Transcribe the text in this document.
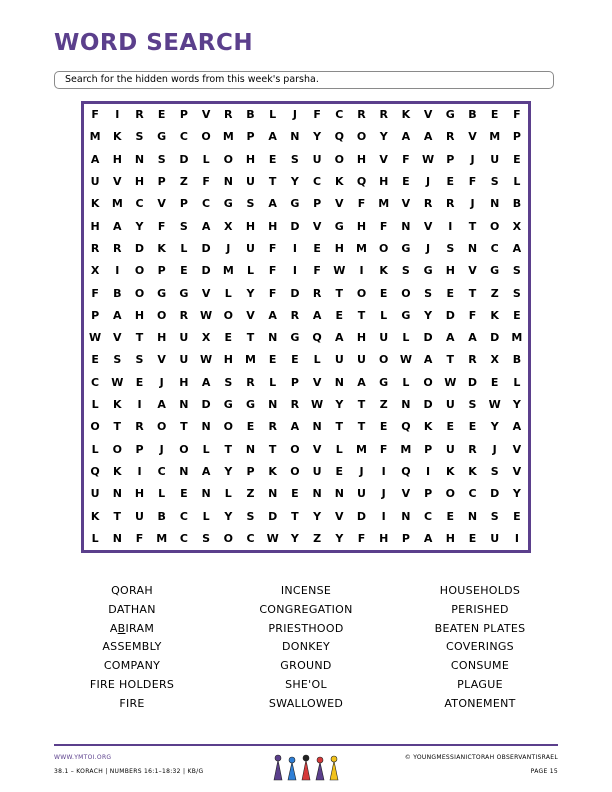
WORD SEARCH
Search for the hidden words from this week's parsha.
F	I	R	E	P	V	R	B	L	J	F	C	R	R	K	V	G	B	E	F
M	K	S	G	C	O	M	P	A	N	Y	Q	O	Y	A	A	R	V	M	P
A	H	N	S	D	L	O	H	E	S	U	O	H	V	F	W	P	J	U	E
U	V	H	P	Z	F	N	U	T	Y	C	K	Q	H	E	J	E	F	S	L
K	M	C	V	P	C	G	S	A	G	P	V	F	M	V	R	R	J	N	B
H	A	Y	F	S	A	X	H	H	D	V	G	H	F	N	V	I	T	O	X
R	R	D	K	L	D	J	U	F	I	E	H	M	O	G	J	S	N	C	A
X	I	O	P	E	D	M	L	F	I	F	W	I	K	S	G	H	V	G	S
F	B	O	G	G	V	L	Y	F	D	R	T	O	E	O	S	E	T	Z	S
P	A	H	O	R	W	O	V	A	R	A	E	T	L	G	Y	D	F	K	E
W	V	T	H	U	X	E	T	N	G	Q	A	H	U	L	D	A	A	D	M
E	S	S	V	U	W	H	M	E	E	L	U	U	O	W	A	T	R	X	B
C	W	E	J	H	A	S	R	L	P	V	N	A	G	L	O	W	D	E	L
L	K	I	A	N	D	G	G	N	R	W	Y	T	Z	N	D	U	S	W	Y
O	T	R	O	T	N	O	E	R	A	N	T	T	E	Q	K	E	E	Y	A
L	O	P	J	O	L	T	N	T	O	V	L	M	F	M	P	U	R	J	V
Q	K	I	C	N	A	Y	P	K	O	U	E	J	I	Q	I	K	K	S	V
U	N	H	L	E	N	L	Z	N	E	N	N	U	J	V	P	O	C	D	Y
K	T	U	B	C	L	Y	S	D	T	Y	V	D	I	N	C	E	N	S	E
L	N	F	M	C	S	O	C	W	Y	Z	Y	F	H	P	A	H	E	U	I
QORAH
DATHAN
ABIRAM
ASSEMBLY
COMPANY
FIRE HOLDERS
FIRE
INCENSE
CONGREGATION
PRIESTHOOD
DONKEY
GROUND
SHE'OL
SWALLOWED
HOUSEHOLDS
PERISHED
BEATEN PLATES
COVERINGS
CONSUME
PLAGUE
ATONEMENT
WWW.YMTOI.ORG
38.1 – KORACH | NUMBERS 16:1–18:32 | KB/G
© YOUNGMESSIANICTORAH OBSERVANTISRAEL
PAGE 15
